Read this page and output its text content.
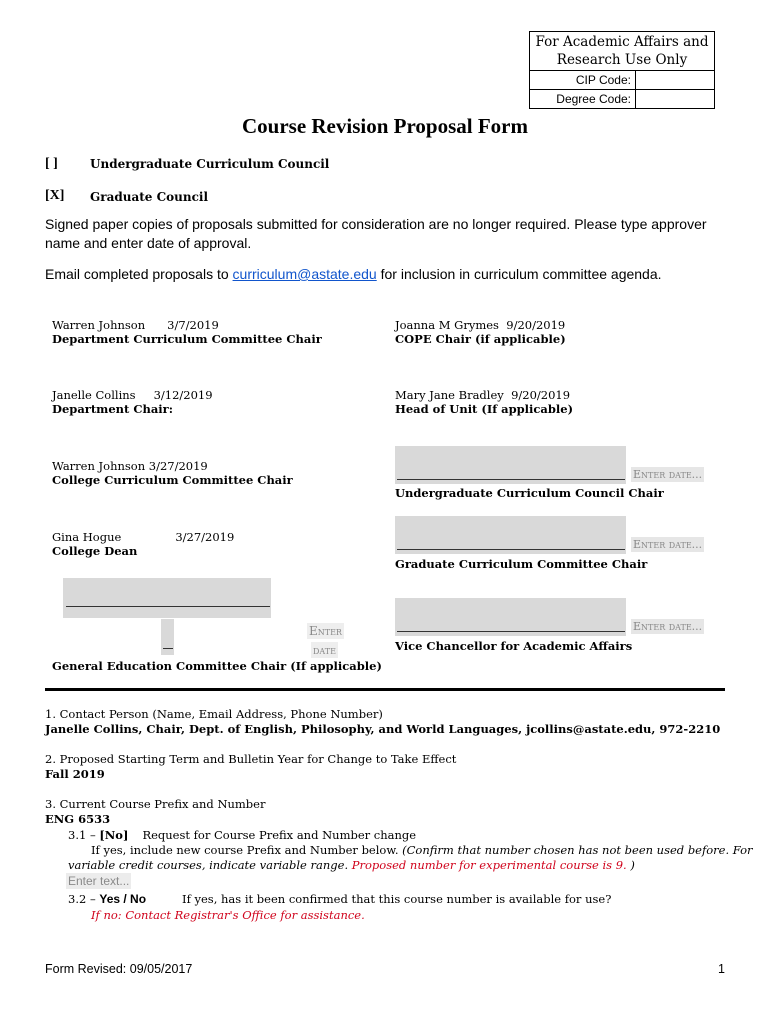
For Academic Affairs and Research Use Only
CIP Code:
Degree Code:
Course Revision Proposal Form
[ ]	Undergraduate Curriculum Council
[X] Graduate Council
Signed paper copies of proposals submitted for consideration are no longer required. Please type approver name and enter date of approval.
Email completed proposals to curriculum@astate.edu for inclusion in curriculum committee agenda.
Warren Johnson 3/7/2019
Department Curriculum Committee Chair
Janelle Collins 3/12/2019
Department Chair:
Warren Johnson 3/27/2019
College Curriculum Committee Chair
Gina Hogue	3/27/2019
College Dean
Enter
date
General Education Committee Chair (If applicable)
Joanna M Grymes 9/20/2019
COPE Chair (if applicable)
Mary Jane Bradley 9/20/2019
Head of Unit (If applicable)
Enter date...
Undergraduate Curriculum Council Chair
Enter date...
Graduate Curriculum Committee Chair
Enter date...
Vice Chancellor for Academic Affairs
1. Contact Person (Name, Email Address, Phone Number)
Janelle Collins, Chair, Dept. of English, Philosophy, and World Languages, jcollins@astate.edu, 972-2210
2. Proposed Starting Term and Bulletin Year for Change to Take Effect
Fall 2019
3. Current Course Prefix and Number
ENG 6533
3.1 – [No] Request for Course Prefix and Number change
If yes, include new course Prefix and Number below. (Confirm that number chosen has not been used before. For
variable credit courses, indicate variable range. Proposed number for experimental course is 9. )
Enter text...
3.2 – Yes / No	If yes, has it been confirmed that this course number is available for use?
If no: Contact Registrar's Office for assistance.
Form Revised: 09/05/2017	1
